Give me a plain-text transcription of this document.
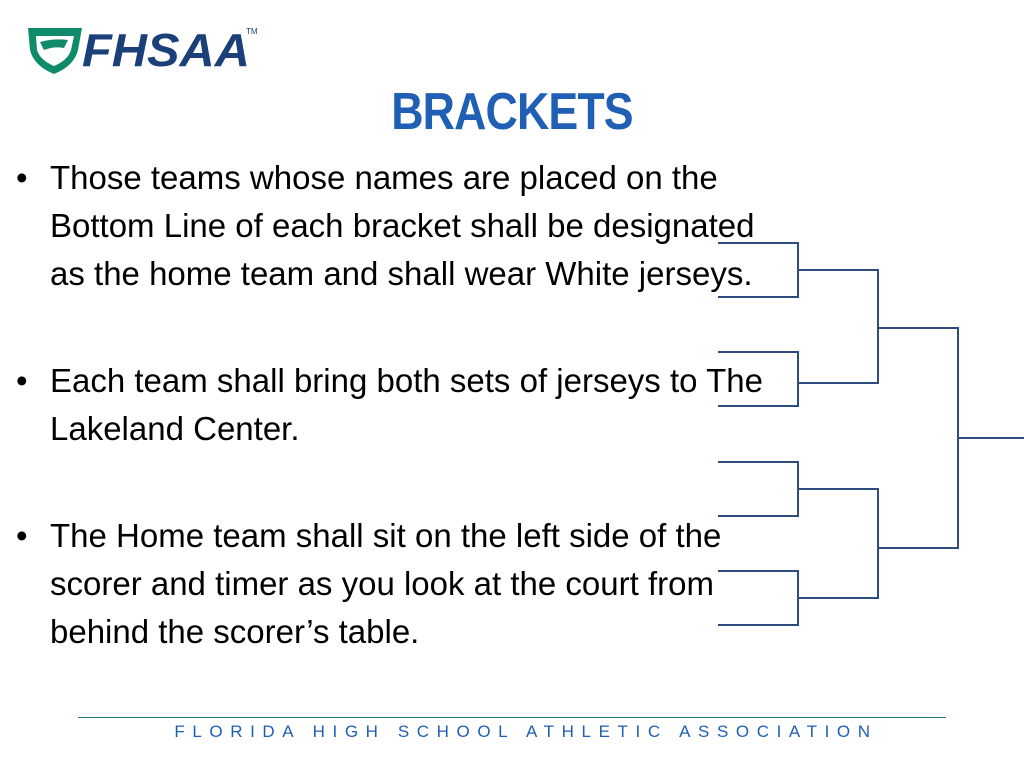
FHSAA
TM
BRACKETS
• Those teams whose names are placed on the Bottom Line of each bracket shall be designated as the home team and shall wear White jerseys.
• Each team shall bring both sets of jerseys to The Lakeland Center.
• The Home team shall sit on the left side of the scorer and timer as you look at the court from behind the scorer’s table.
FLORIDA HIGH SCHOOL ATHLETIC ASSOCIATION
